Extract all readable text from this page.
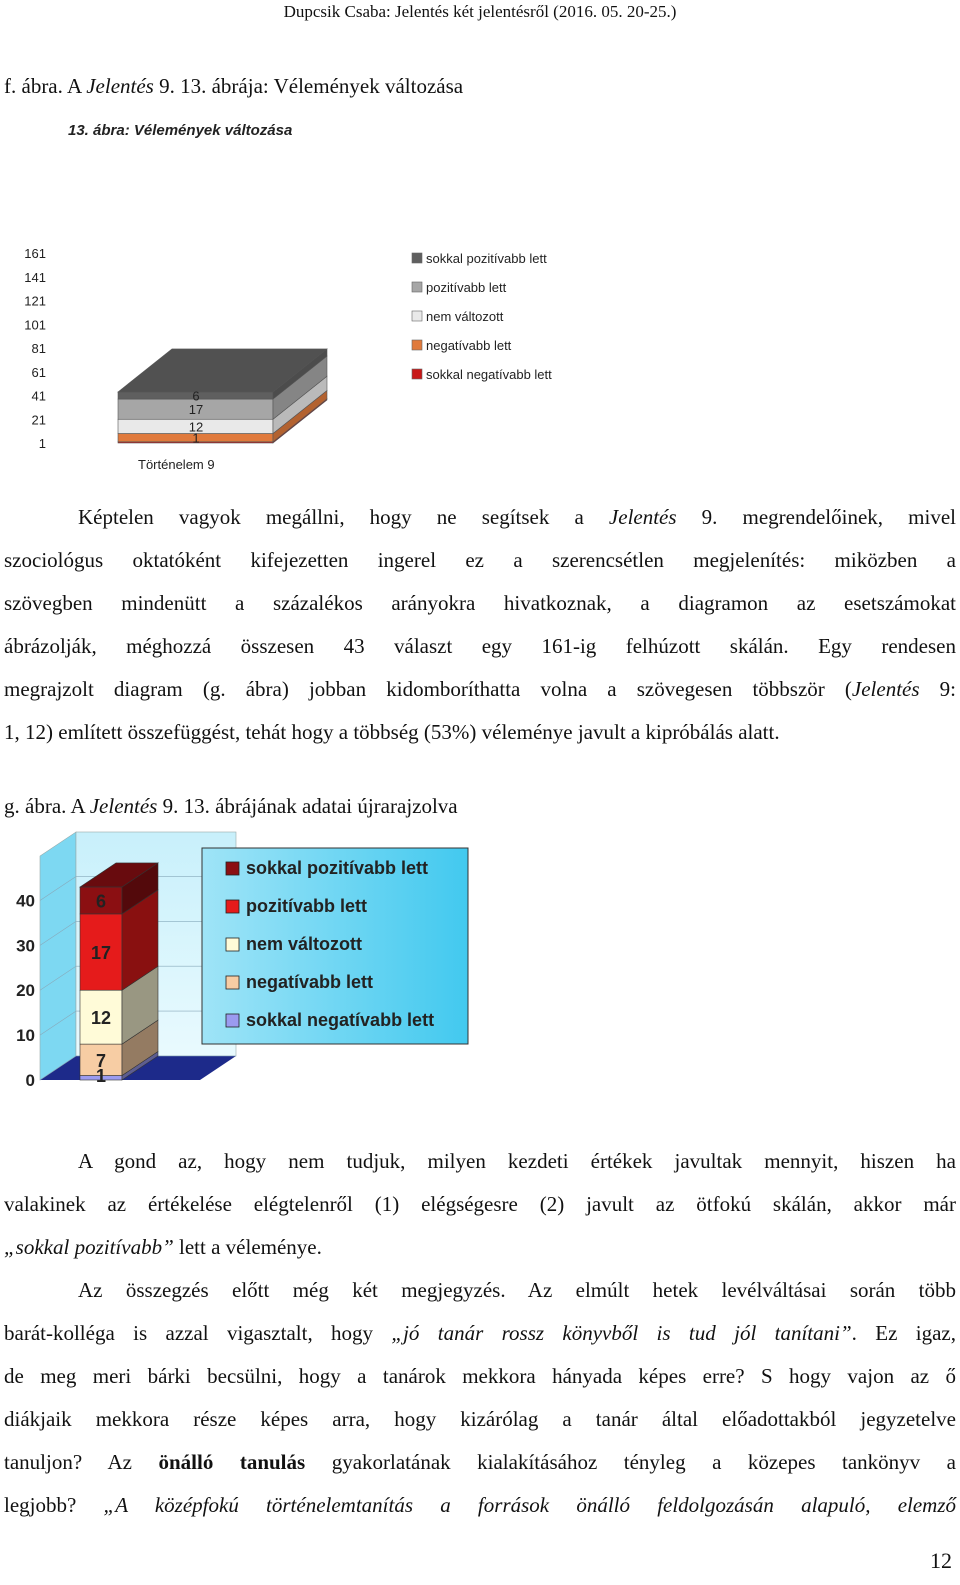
Dupcsik Csaba: Jelentés két jelentésről (2016. 05. 20-25.)
f. ábra. A Jelentés 9. 13. ábrája: Vélemények változása
13. ábra: Vélemények változása
161
141
121
101
81
61
41
21
1
6
17
12
1
Történelem 9
sokkal pozitívabb lett
pozitívabb lett
nem változott
negatívabb lett
sokkal negatívabb lett
Képtelen vagyok megállni, hogy ne segítsek a Jelentés 9. megrendelőinek, mivel
szociológus oktatóként kifejezetten ingerel ez a szerencsétlen megjelenítés: miközben a
szövegben mindenütt a százalékos arányokra hivatkoznak, a diagramon az esetszámokat
ábrázolják, méghozzá összesen 43 választ egy 161-ig felhúzott skálán. Egy rendesen
megrajzolt diagram (g. ábra) jobban kidomboríthatta volna a szövegesen többször (Jelentés 9:
1, 12) említett összefüggést, tehát hogy a többség (53%) véleménye javult a kipróbálás alatt.
g. ábra. A Jelentés 9. 13. ábrájának adatai újrarajzolva
40
30
20
10
0
6
17
12
7
1
sokkal pozitívabb lett
pozitívabb lett
nem változott
negatívabb lett
sokkal negatívabb lett
A gond az, hogy nem tudjuk, milyen kezdeti értékek javultak mennyit, hiszen ha
valakinek az értékelése elégtelenről (1) elégségesre (2) javult az ötfokú skálán, akkor már
„sokkal pozitívabb” lett a véleménye.
Az összegzés előtt még két megjegyzés. Az elmúlt hetek levélváltásai során több
barát-kolléga is azzal vigasztalt, hogy „jó tanár rossz könyvből is tud jól tanítani”. Ez igaz,
de meg meri bárki becsülni, hogy a tanárok mekkora hányada képes erre? S hogy vajon az ő
diákjaik mekkora része képes arra, hogy kizárólag a tanár által előadottakból jegyzetelve
tanuljon? Az önálló tanulás gyakorlatának kialakításához tényleg a közepes tankönyv a
legjobb? „A középfokú történelemtanítás a források önálló feldolgozásán alapuló, elemző
12
